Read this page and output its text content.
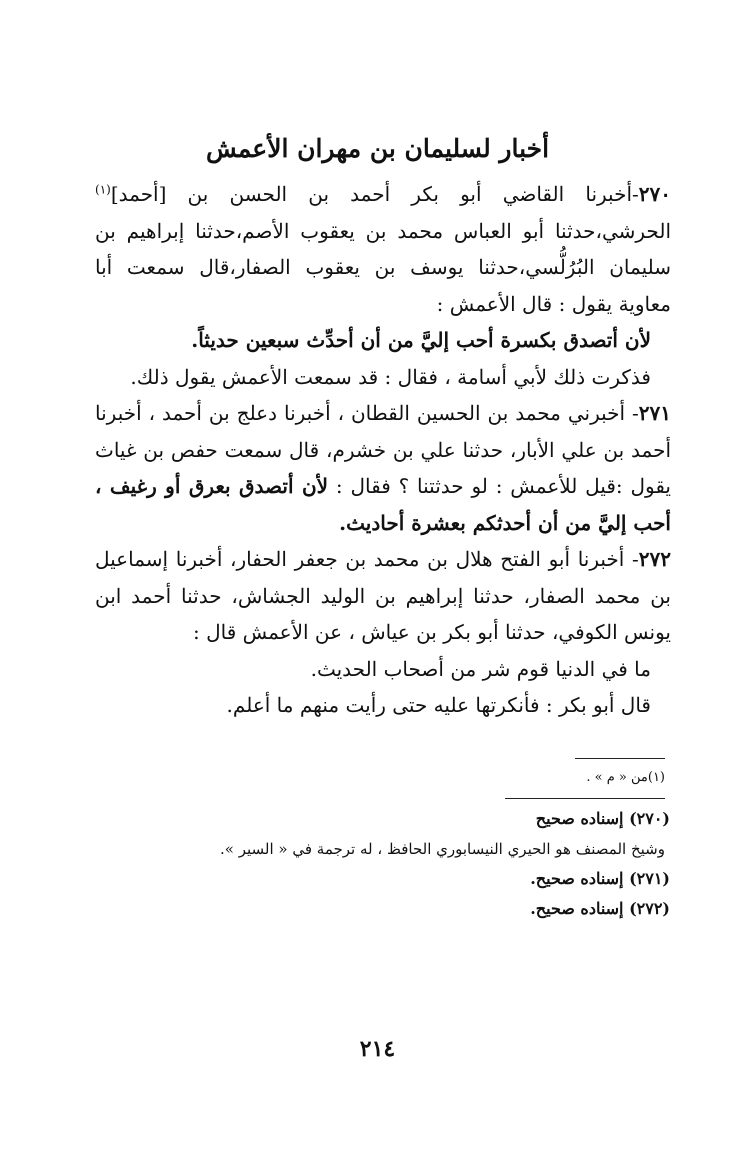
أخبار لسليمان بن مهران الأعمش

٢٧٠-أخبرنا القاضي أبو بكر أحمد بن الحسن بن [أحمد]$^{(١)}$ الحرشي،حدثنا أبو العباس محمد بن يعقوب الأصم،حدثنا إبراهيم بن سليمان البُرُلُّسي،حدثنا يوسف بن يعقوب الصفار،قال سمعت أبا معاوية يقول : قال الأعمش :

لأن أتصدق بكسرة أحب إليَّ من أن أحدِّث سبعين حديثاً.

فذكرت ذلك لأبي أسامة ، فقال : قد سمعت الأعمش يقول ذلك.

٢٧١- أخبرني محمد بن الحسين القطان ، أخبرنا دعلج بن أحمد ، أخبرنا أحمد بن علي الأبار، حدثنا علي بن خشرم، قال سمعت حفص بن غياث يقول :قيل للأعمش : لو حدثتنا ؟ فقال : لأن أتصدق بعرق أو رغيف ، أحب إليَّ من أن أحدثكم بعشرة أحاديث.

٢٧٢- أخبرنا أبو الفتح هلال بن محمد بن جعفر الحفار، أخبرنا إسماعيل بن محمد الصفار، حدثنا إبراهيم بن الوليد الجشاش، حدثنا أحمد ابن يونس الكوفي، حدثنا أبو بكر بن عياش ، عن الأعمش قال :

ما في الدنيا قوم شر من أصحاب الحديث.

قال أبو بكر : فأنكرتها عليه حتى رأيت منهم ما أعلم.

(١)من « م » .

(٢٧٠) إسناده صحيح

وشيخ المصنف هو الحيري النيسابوري الحافظ ، له ترجمة في « السير ».

(٢٧١) إسناده صحيح.

(٢٧٢) إسناده صحيح.

٢١٤
